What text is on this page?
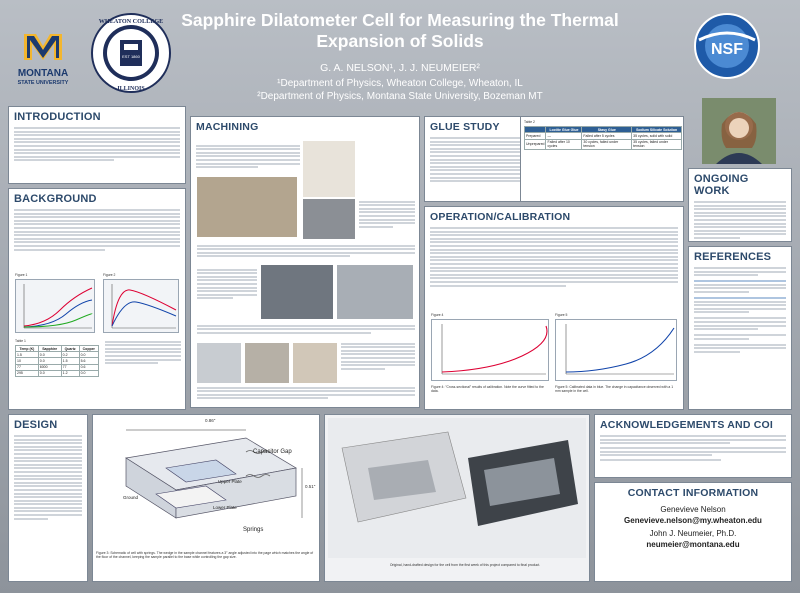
MONTANA
STATE UNIVERSITY
EST 1860
WHEATON COLLEGE
ILLINOIS
NSF
Sapphire Dilatometer Cell for Measuring the Thermal Expansion of Solids
G. A. NELSON¹, J. J. NEUMEIER²
¹Department of Physics, Wheaton College, Wheaton, IL
²Department of Physics, Montana State University, Bozeman MT
INTRODUCTION
BACKGROUND
Figure 1	Figure 2
Table 1
Temp (K)	Sapphire	Quartz	Copper
1.5	0.0	0.2	0.0
10	0.0	1.5	5.6
77	6000	77	0.6
295	0.0	1.2	0.0
DESIGN	0.86"
0.51"
Capacitor Gap
Upper Plate
Ground
Lower Plate
Springs
Figure 3: Schematic of cell with springs. The wedge in the sample channel features a 3° angle adjusted into the page which matches the angle of the floor of the channel, keeping the sample parallel to the base while controlling the gap size.
MACHINING	GLUE STUDY	Table 2
	Loctite Glue Glue	Stasy Glue	Sodium Silicate Solution
Prepared	—	Failed after 5 cycles	35 cycles, solid with solid
Unprepared	Failed after 10 cycles	30 cycles, failed under tension	35 cycles, failed under tension
OPERATION/CALIBRATION
Figure 4	Figure 5
Figure 4: "Cross-sectional" results of calibration. Note the curve fitted to the data.
Figure 5: Calibrated data in blue. The change in capacitance observed with a 1 mm sample in the cell.
Original, hand-drafted design for the cell from the first week of this project compared to final product.
ONGOING WORK
REFERENCES
ACKNOWLEDGEMENTS AND COI
CONTACT INFORMATION
Genevieve Nelson
Genevieve.nelson@my.wheaton.edu
John J. Neumeier, Ph.D.
neumeier@montana.edu
